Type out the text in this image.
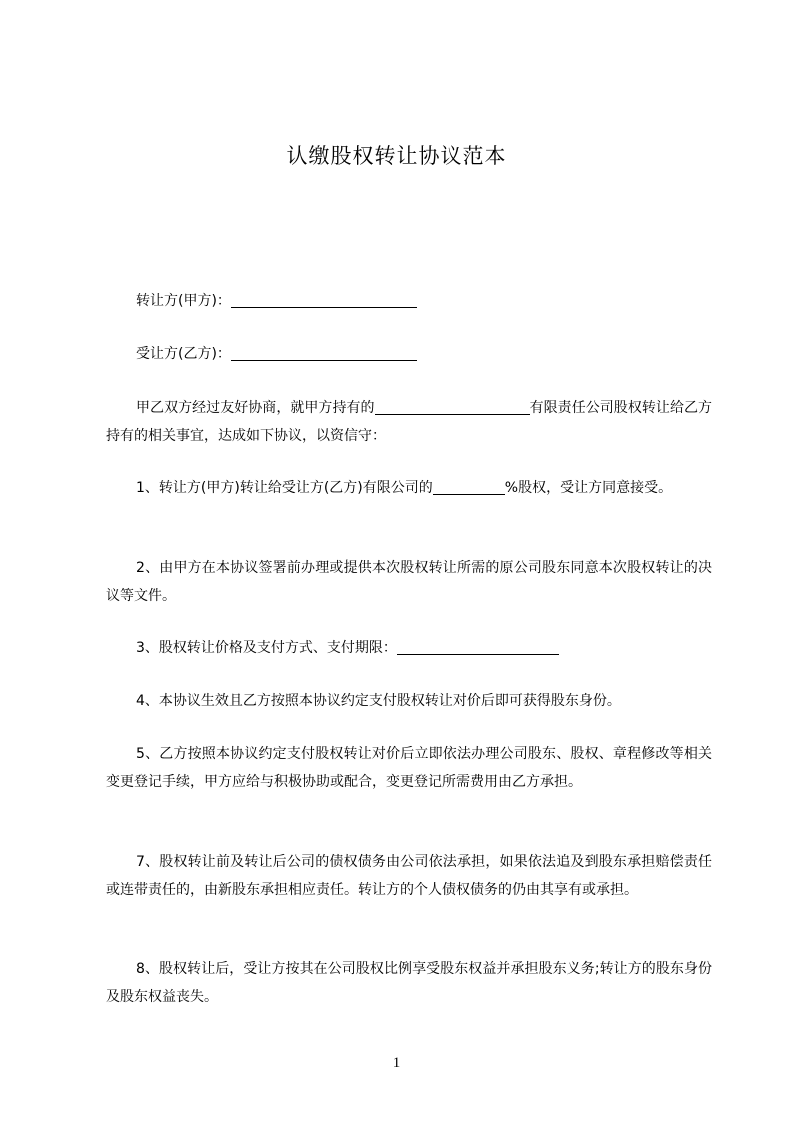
认缴股权转让协议范本
转让方(甲方)：
受让方(乙方)：
甲乙双方经过友好协商，就甲方持有的	有限责任公司股权转让给乙方持有的相关事宜，达成如下协议，以资信守：
1、转让方(甲方)转让给受让方(乙方)有限公司的	%股权，受让方同意接受。
2、由甲方在本协议签署前办理或提供本次股权转让所需的原公司股东同意本次股权转让的决议等文件。
3、股权转让价格及支付方式、支付期限：
4、本协议生效且乙方按照本协议约定支付股权转让对价后即可获得股东身份。
5、乙方按照本协议约定支付股权转让对价后立即依法办理公司股东、股权、章程修改等相关变更登记手续，甲方应给与积极协助或配合，变更登记所需费用由乙方承担。
7、股权转让前及转让后公司的债权债务由公司依法承担，如果依法追及到股东承担赔偿责任或连带责任的，由新股东承担相应责任。转让方的个人债权债务的仍由其享有或承担。
8、股权转让后，受让方按其在公司股权比例享受股东权益并承担股东义务;转让方的股东身份及股东权益丧失。
1
